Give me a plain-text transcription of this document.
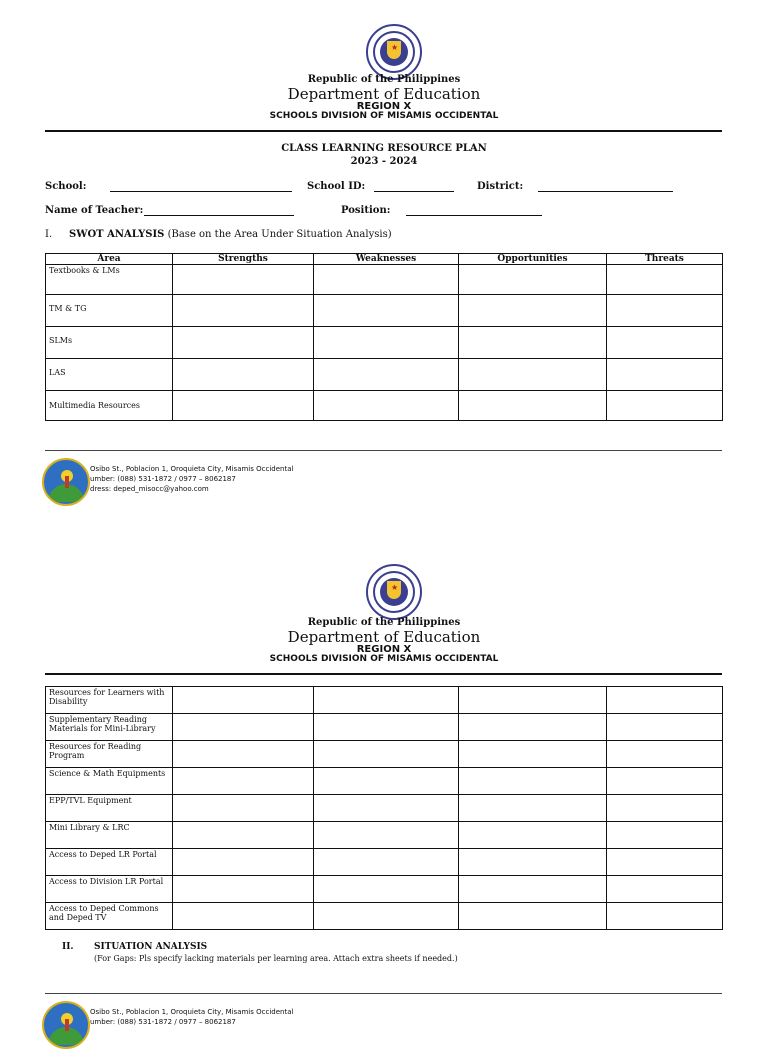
★
Republic of the Philippines
Department of Education
REGION X
SCHOOLS DIVISION OF MISAMIS OCCIDENTAL
CLASS LEARNING RESOURCE PLAN
2023 - 2024
School:	School ID:	District:
Name of Teacher:	Position:
I. SWOT ANALYSIS (Base on the Area Under Situation Analysis)
Area	Strengths	Weaknesses	Opportunities	Threats
Textbooks & LMs				
TM & TG				
SLMs				
LAS				
Multimedia Resources				
Osibo St., Poblacion 1, Oroquieta City, Misamis Occidental
umber: (088) 531-1872 / 0977 – 8062187
dress: deped_misocc@yahoo.com
★
Republic of the Philippines
Department of Education
REGION X
SCHOOLS DIVISION OF MISAMIS OCCIDENTAL
Resources for Learners with Disability				
Supplementary Reading Materials for Mini-Library				
Resources for Reading Program				
Science & Math Equipments				
EPP/TVL Equipment				
Mini Library & LRC				
Access to Deped LR Portal				
Access to Division LR Portal				
Access to Deped Commons and Deped TV				
II. SITUATION ANALYSIS
(For Gaps: Pls specify lacking materials per learning area. Attach extra sheets if needed.)
Osibo St., Poblacion 1, Oroquieta City, Misamis Occidental
umber: (088) 531-1872 / 0977 – 8062187
